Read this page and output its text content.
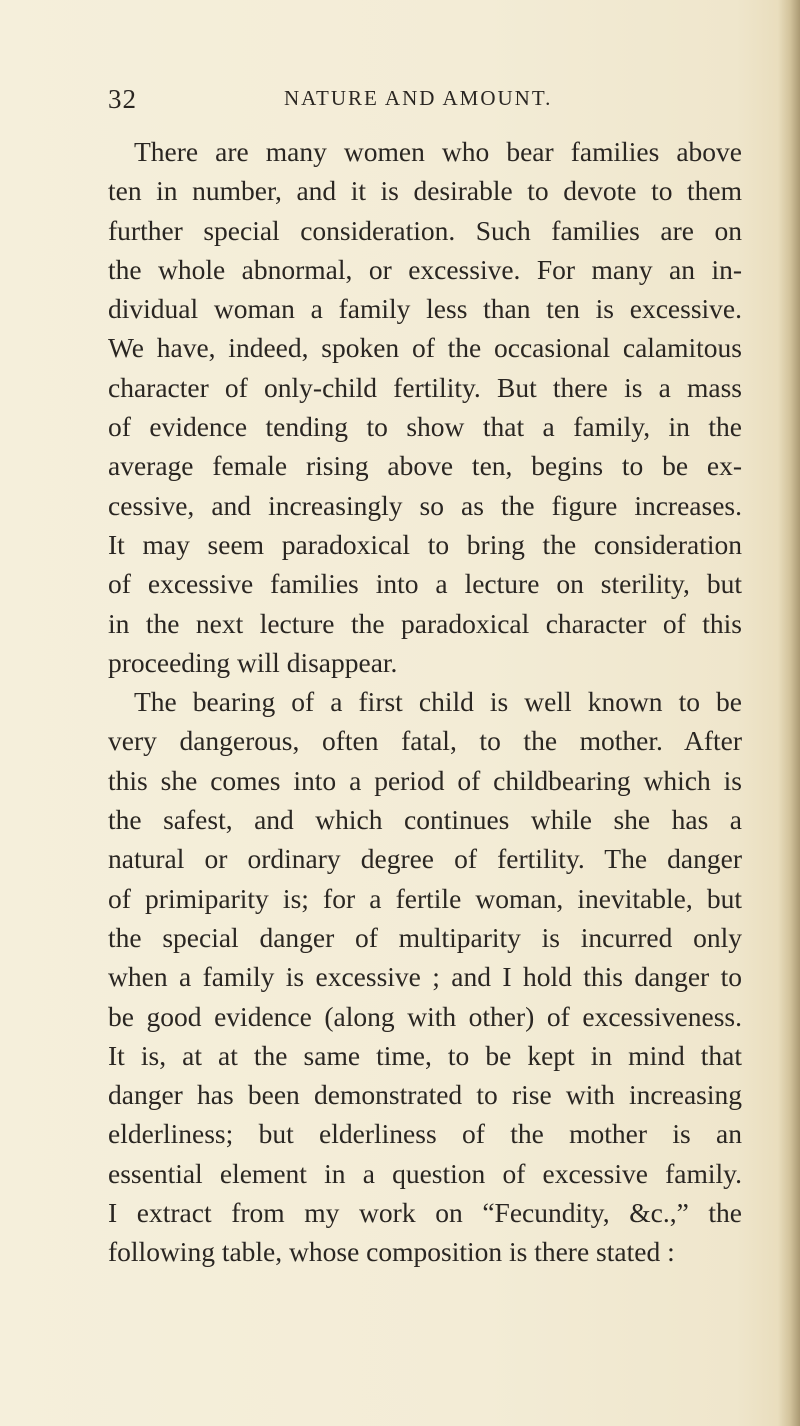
32	NATURE AND AMOUNT.
There are many women who bear families above
ten in number, and it is desirable to devote to them
further special consideration. Such families are on
the whole abnormal, or excessive. For many an in-
dividual woman a family less than ten is excessive.
We have, indeed, spoken of the occasional calamitous
character of only-child fertility. But there is a mass
of evidence tending to show that a family, in the
average female rising above ten, begins to be ex-
cessive, and increasingly so as the figure increases.
It may seem paradoxical to bring the consideration
of excessive families into a lecture on sterility, but
in the next lecture the paradoxical character of this
proceeding will disappear.
The bearing of a first child is well known to be
very dangerous, often fatal, to the mother. After
this she comes into a period of childbearing which is
the safest, and which continues while she has a
natural or ordinary degree of fertility. The danger
of primiparity is; for a fertile woman, inevitable, but
the special danger of multiparity is incurred only
when a family is excessive ; and I hold this danger to
be good evidence (along with other) of excessiveness.
It is, at at the same time, to be kept in mind that
danger has been demonstrated to rise with increasing
elderliness; but elderliness of the mother is an
essential element in a question of excessive family.
I extract from my work on “Fecundity, &c.,” the
following table, whose composition is there stated :
